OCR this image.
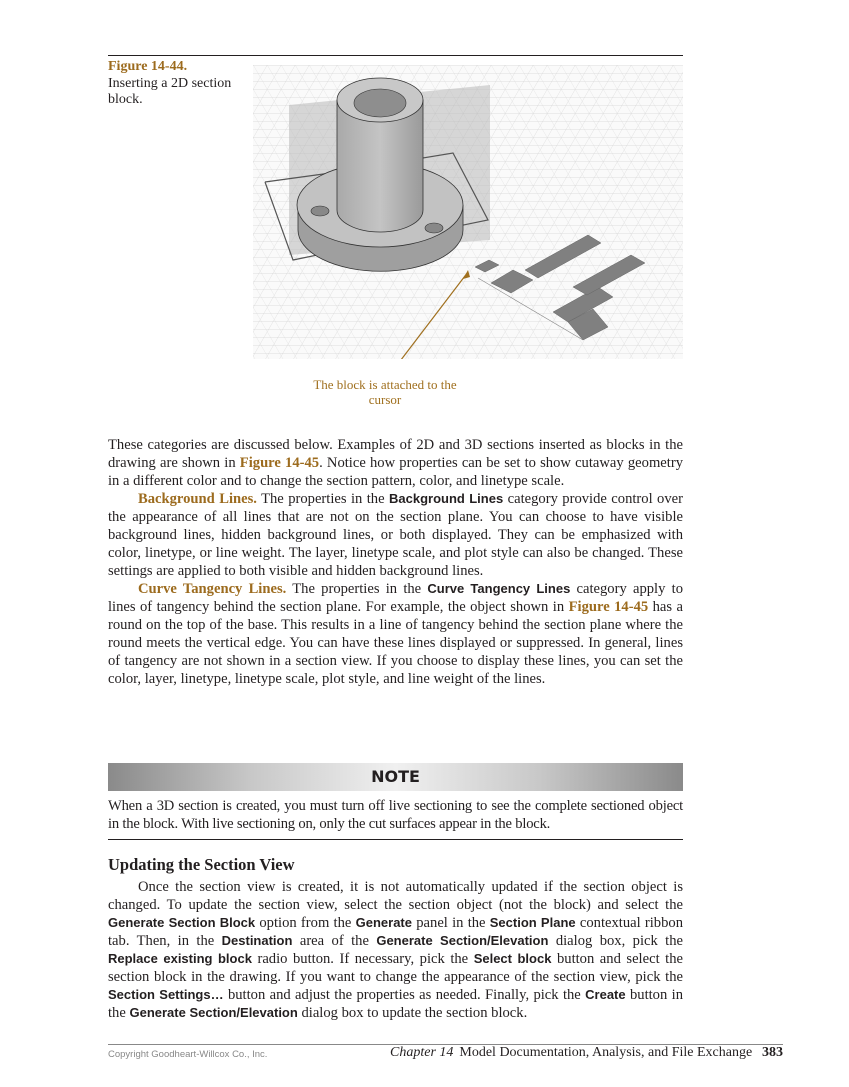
Figure 14-44.
Inserting a 2D section block.
The block is attached to the cursor

These categories are discussed below. Examples of 2D and 3D sections inserted as blocks in the drawing are shown in Figure 14-45. Notice how properties can be set to show cutaway geometry in a different color and to change the section pattern, color, and linetype scale.

Background Lines. The properties in the Background Lines category provide control over the appearance of all lines that are not on the section plane. You can choose to have visible background lines, hidden background lines, or both displayed. They can be emphasized with color, linetype, or line weight. The layer, linetype scale, and plot style can also be changed. These settings are applied to both visible and hidden background lines.

Curve Tangency Lines. The properties in the Curve Tangency Lines category apply to lines of tangency behind the section plane. For example, the object shown in Figure 14-45 has a round on the top of the base. This results in a line of tangency behind the section plane where the round meets the vertical edge. You can have these lines displayed or suppressed. In general, lines of tangency are not shown in a section view. If you choose to display these lines, you can set the color, layer, linetype, linetype scale, plot style, and line weight of the lines.

NOTE
When a 3D section is created, you must turn off live sectioning to see the complete sectioned object in the block. With live sectioning on, only the cut surfaces appear in the block.
Updating the Section View

Once the section view is created, it is not automatically updated if the section object is changed. To update the section view, select the section object (not the block) and select the Generate Section Block option from the Generate panel in the Section Plane contextual ribbon tab. Then, in the Destination area of the Generate Section/Elevation dialog box, pick the Replace existing block radio button. If necessary, pick the Select block button and select the section block in the drawing. If you want to change the appearance of the section view, pick the Section Settings… button and adjust the properties as needed. Finally, pick the Create button in the Generate Section/Elevation dialog box to update the section block.

Copyright Goodheart-Willcox Co., Inc.	Chapter 14 Model Documentation, Analysis, and File Exchange 383
